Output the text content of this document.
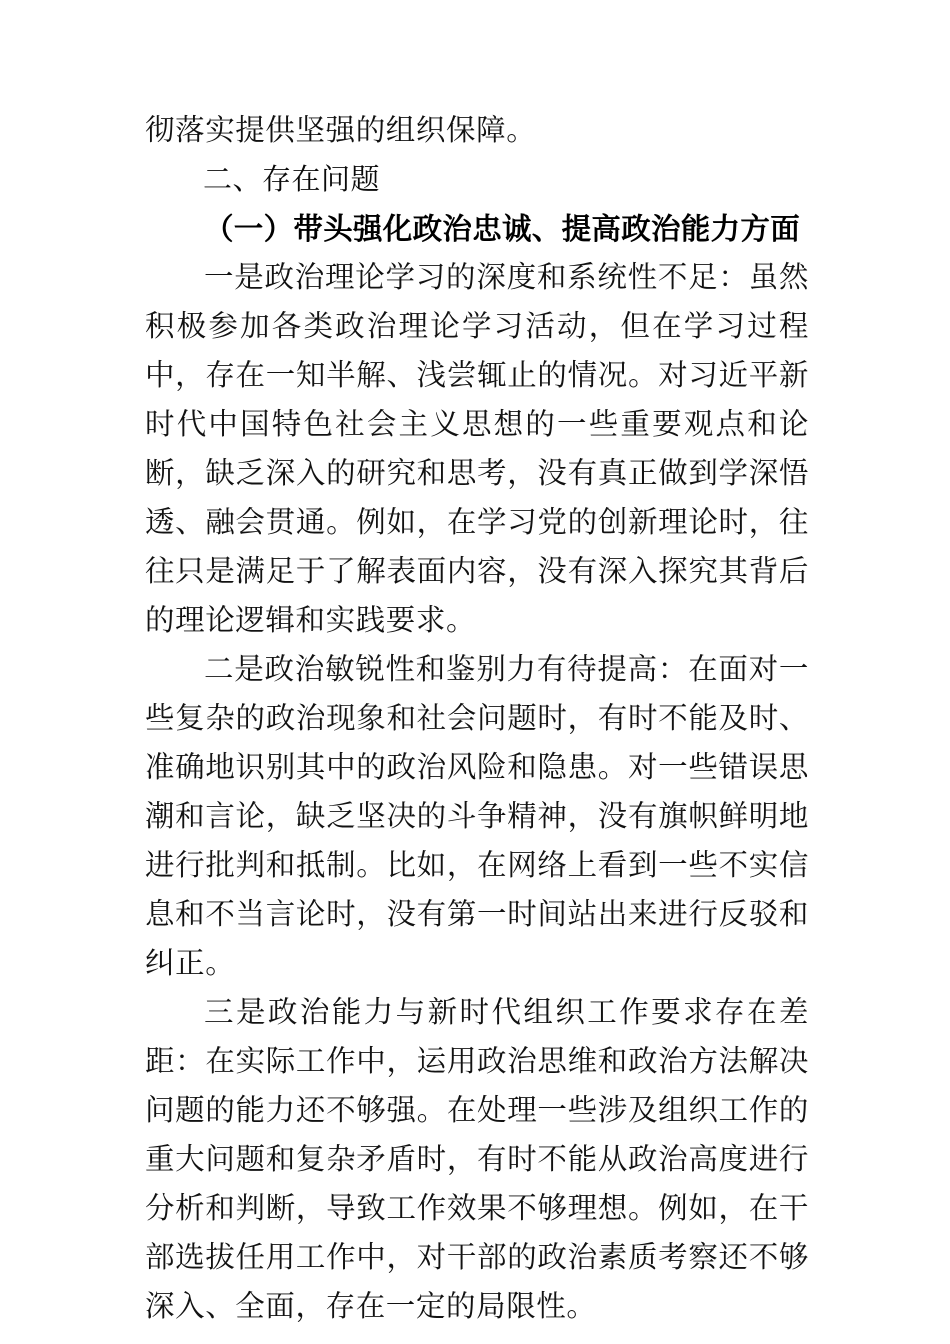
彻落实提供坚强的组织保障。

二、存在问题

（一）带头强化政治忠诚、提高政治能力方面

一是政治理论学习的深度和系统性不足：虽然积极参加各类政治理论学习活动，但在学习过程中，存在一知半解、浅尝辄止的情况。对习近平新时代中国特色社会主义思想的一些重要观点和论断，缺乏深入的研究和思考，没有真正做到学深悟透、融会贯通。例如，在学习党的创新理论时，往往只是满足于了解表面内容，没有深入探究其背后的理论逻辑和实践要求。

二是政治敏锐性和鉴别力有待提高：在面对一些复杂的政治现象和社会问题时，有时不能及时、准确地识别其中的政治风险和隐患。对一些错误思潮和言论，缺乏坚决的斗争精神，没有旗帜鲜明地进行批判和抵制。比如，在网络上看到一些不实信息和不当言论时，没有第一时间站出来进行反驳和纠正。

三是政治能力与新时代组织工作要求存在差距：在实际工作中，运用政治思维和政治方法解决问题的能力还不够强。在处理一些涉及组织工作的重大问题和复杂矛盾时，有时不能从政治高度进行分析和判断，导致工作效果不够理想。例如，在干部选拔任用工作中，对干部的政治素质考察还不够深入、全面，存在一定的局限性。
